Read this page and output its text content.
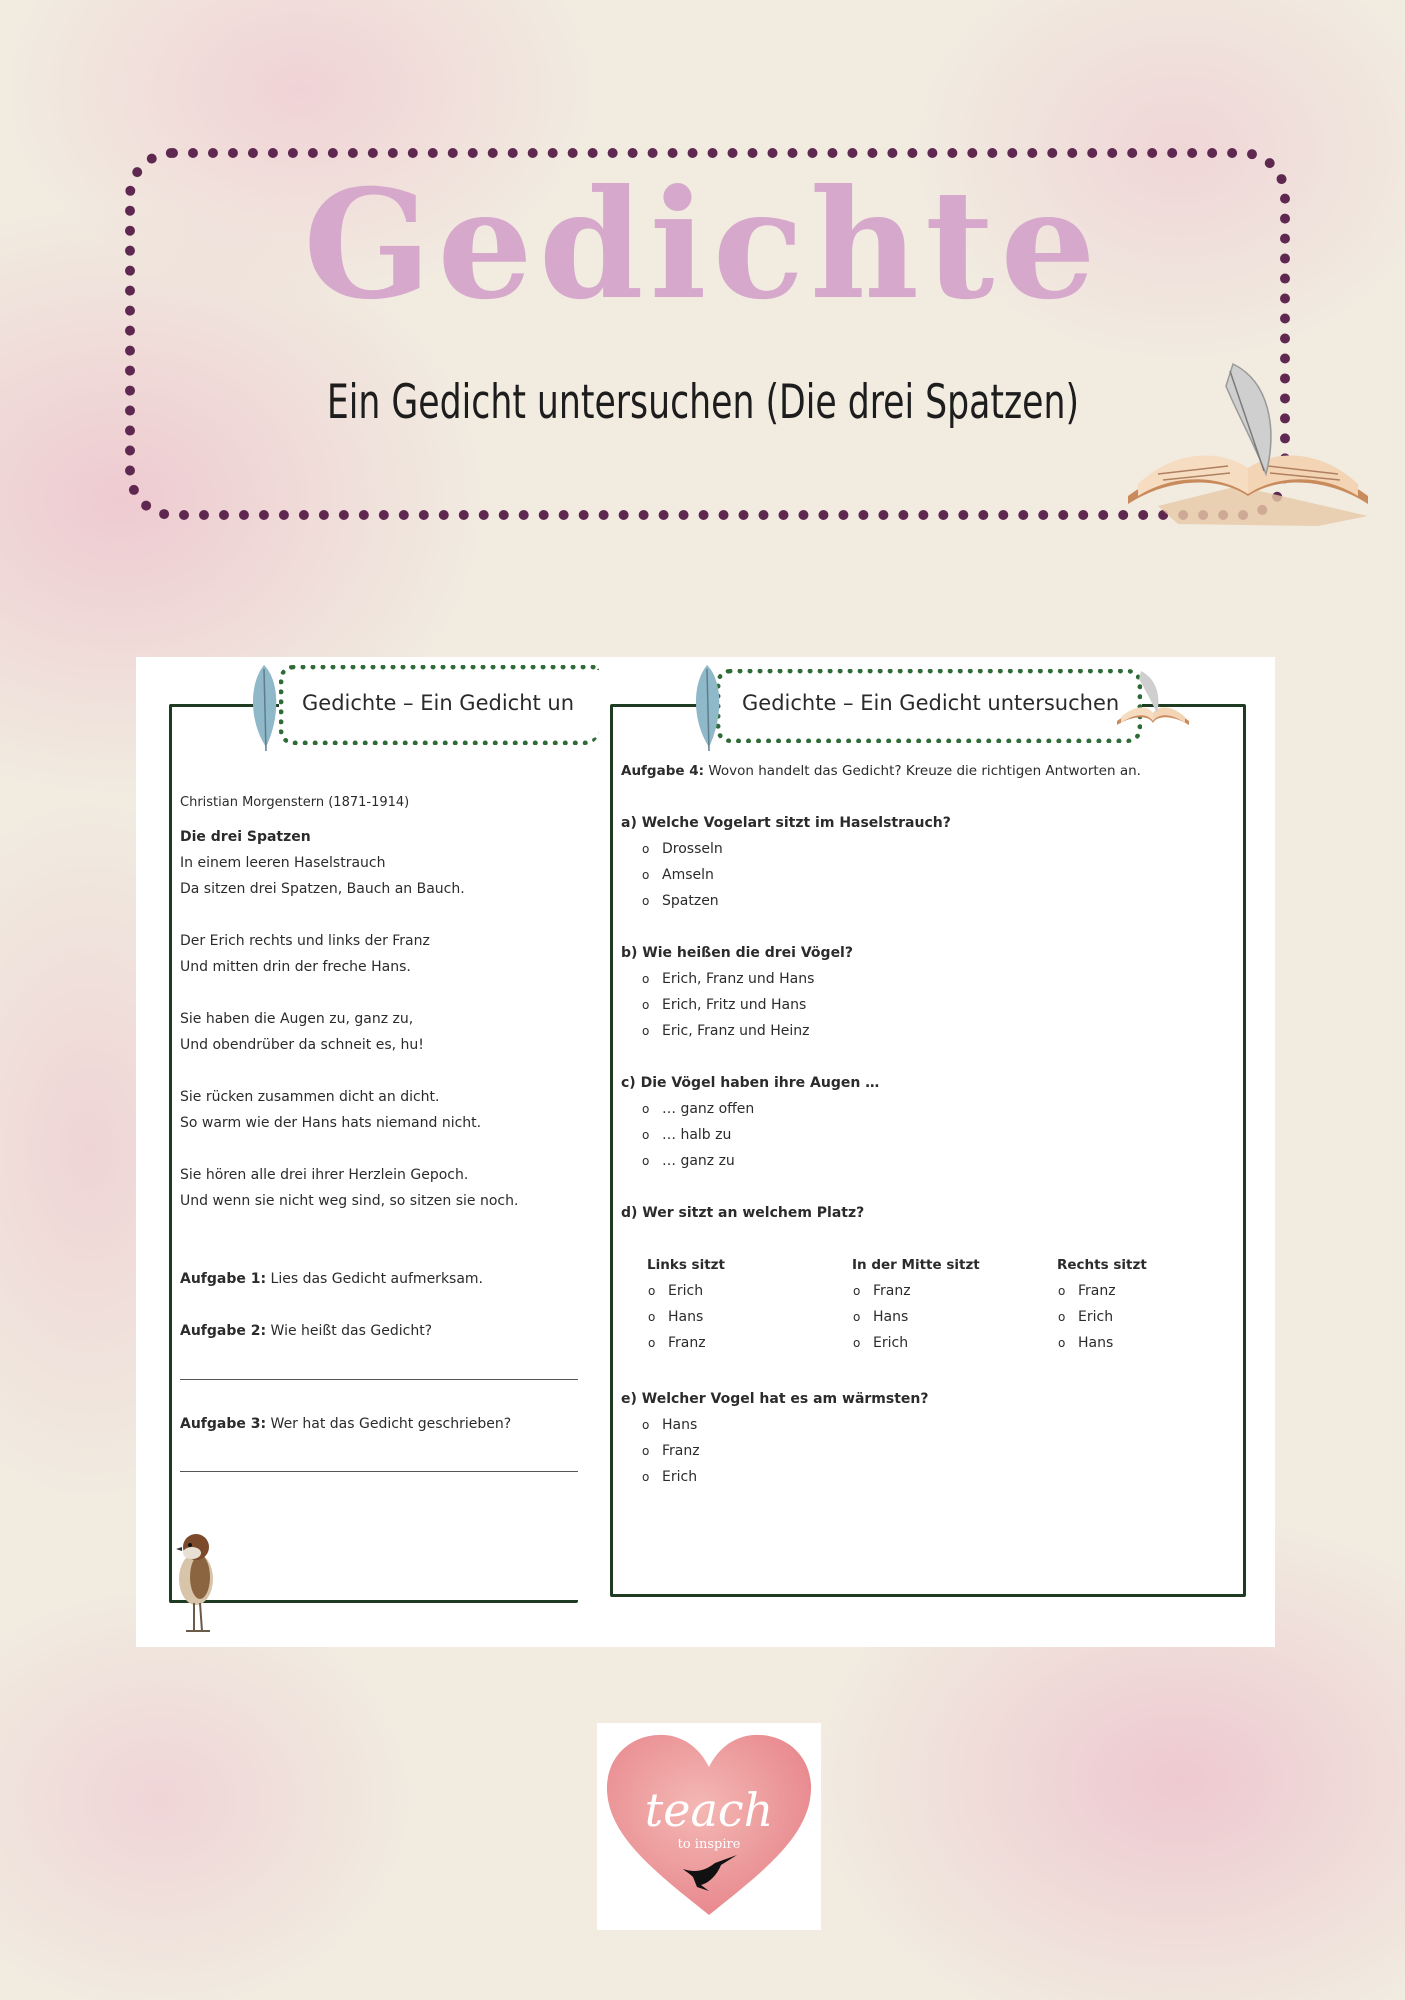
Gedichte
Ein Gedicht untersuchen (Die drei Spatzen)
Gedichte – Ein Gedicht un	Gedichte – Ein Gedicht untersuchen
Christian Morgenstern (1871-1914)
Die drei Spatzen
In einem leeren Haselstrauch
Da sitzen drei Spatzen, Bauch an Bauch.
Der Erich rechts und links der Franz
Und mitten drin der freche Hans.
Sie haben die Augen zu, ganz zu,
Und obendrüber da schneit es, hu!
Sie rücken zusammen dicht an dicht.
So warm wie der Hans hats niemand nicht.
Sie hören alle drei ihrer Herzlein Gepoch.
Und wenn sie nicht weg sind, so sitzen sie noch.
Aufgabe 1: Lies das Gedicht aufmerksam.
Aufgabe 2: Wie heißt das Gedicht?
Aufgabe 3: Wer hat das Gedicht geschrieben?
Aufgabe 4: Wovon handelt das Gedicht? Kreuze die richtigen Antworten an.
a) Welche Vogelart sitzt im Haselstrauch?
o Drosseln
o Amseln
o Spatzen
b) Wie heißen die drei Vögel?
o Erich, Franz und Hans
o Erich, Fritz und Hans
o Eric, Franz und Heinz
c) Die Vögel haben ihre Augen …
o … ganz offen
o … halb zu
o … ganz zu
d) Wer sitzt an welchem Platz?
Links sitzt
o Erich
o Hans
o Franz
In der Mitte sitzt
o Franz
o Hans
o Erich
Rechts sitzt
o Franz
o Erich
o Hans
e) Welcher Vogel hat es am wärmsten?
o Hans
o Franz
o Erich
teach
to inspire
